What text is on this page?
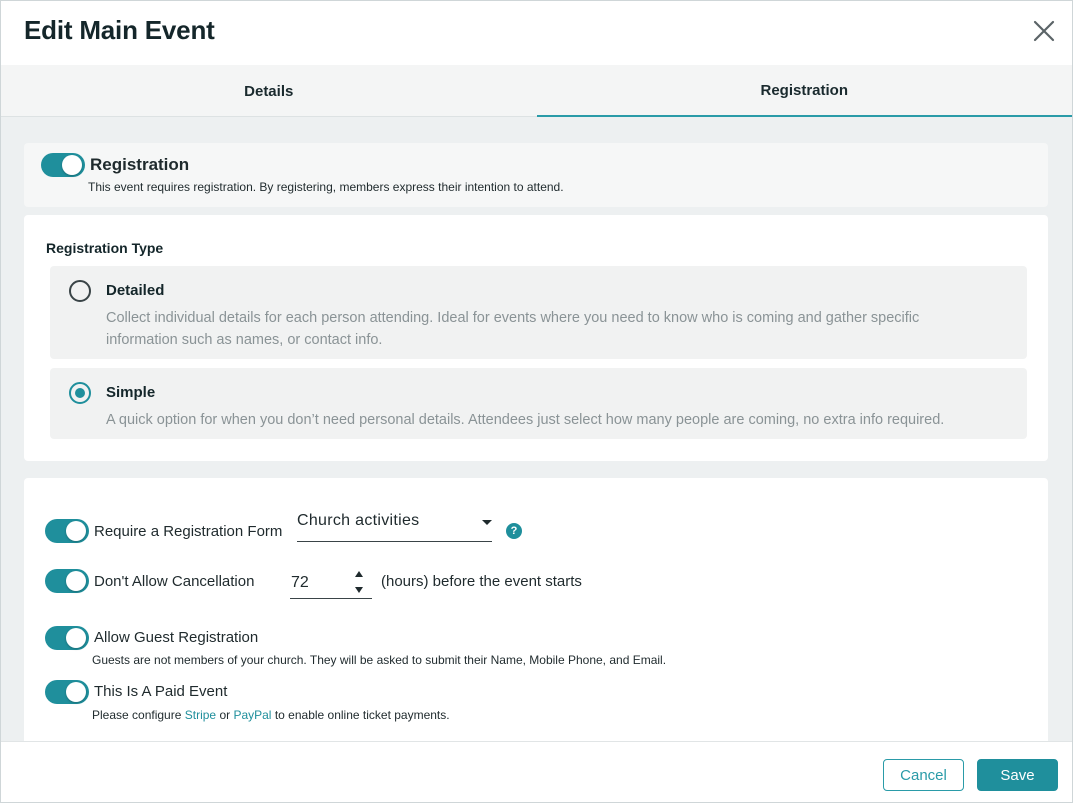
Edit Main Event
Details	Registration
Registration
This event requires registration. By registering, members express their intention to attend.
Registration Type
Detailed
Collect individual details for each person attending. Ideal for events where you need to know who is coming and gather specific information such as names, or contact info.
Simple
A quick option for when you don’t need personal details. Attendees just select how many people are coming, no extra info required.
Require a Registration Form
Church activities
?
Don't Allow Cancellation 72	(hours) before the event starts
Allow Guest Registration
Guests are not members of your church. They will be asked to submit their Name, Mobile Phone, and Email.
This Is A Paid Event
Please configure Stripe or PayPal to enable online ticket payments.
Cancel	Save
